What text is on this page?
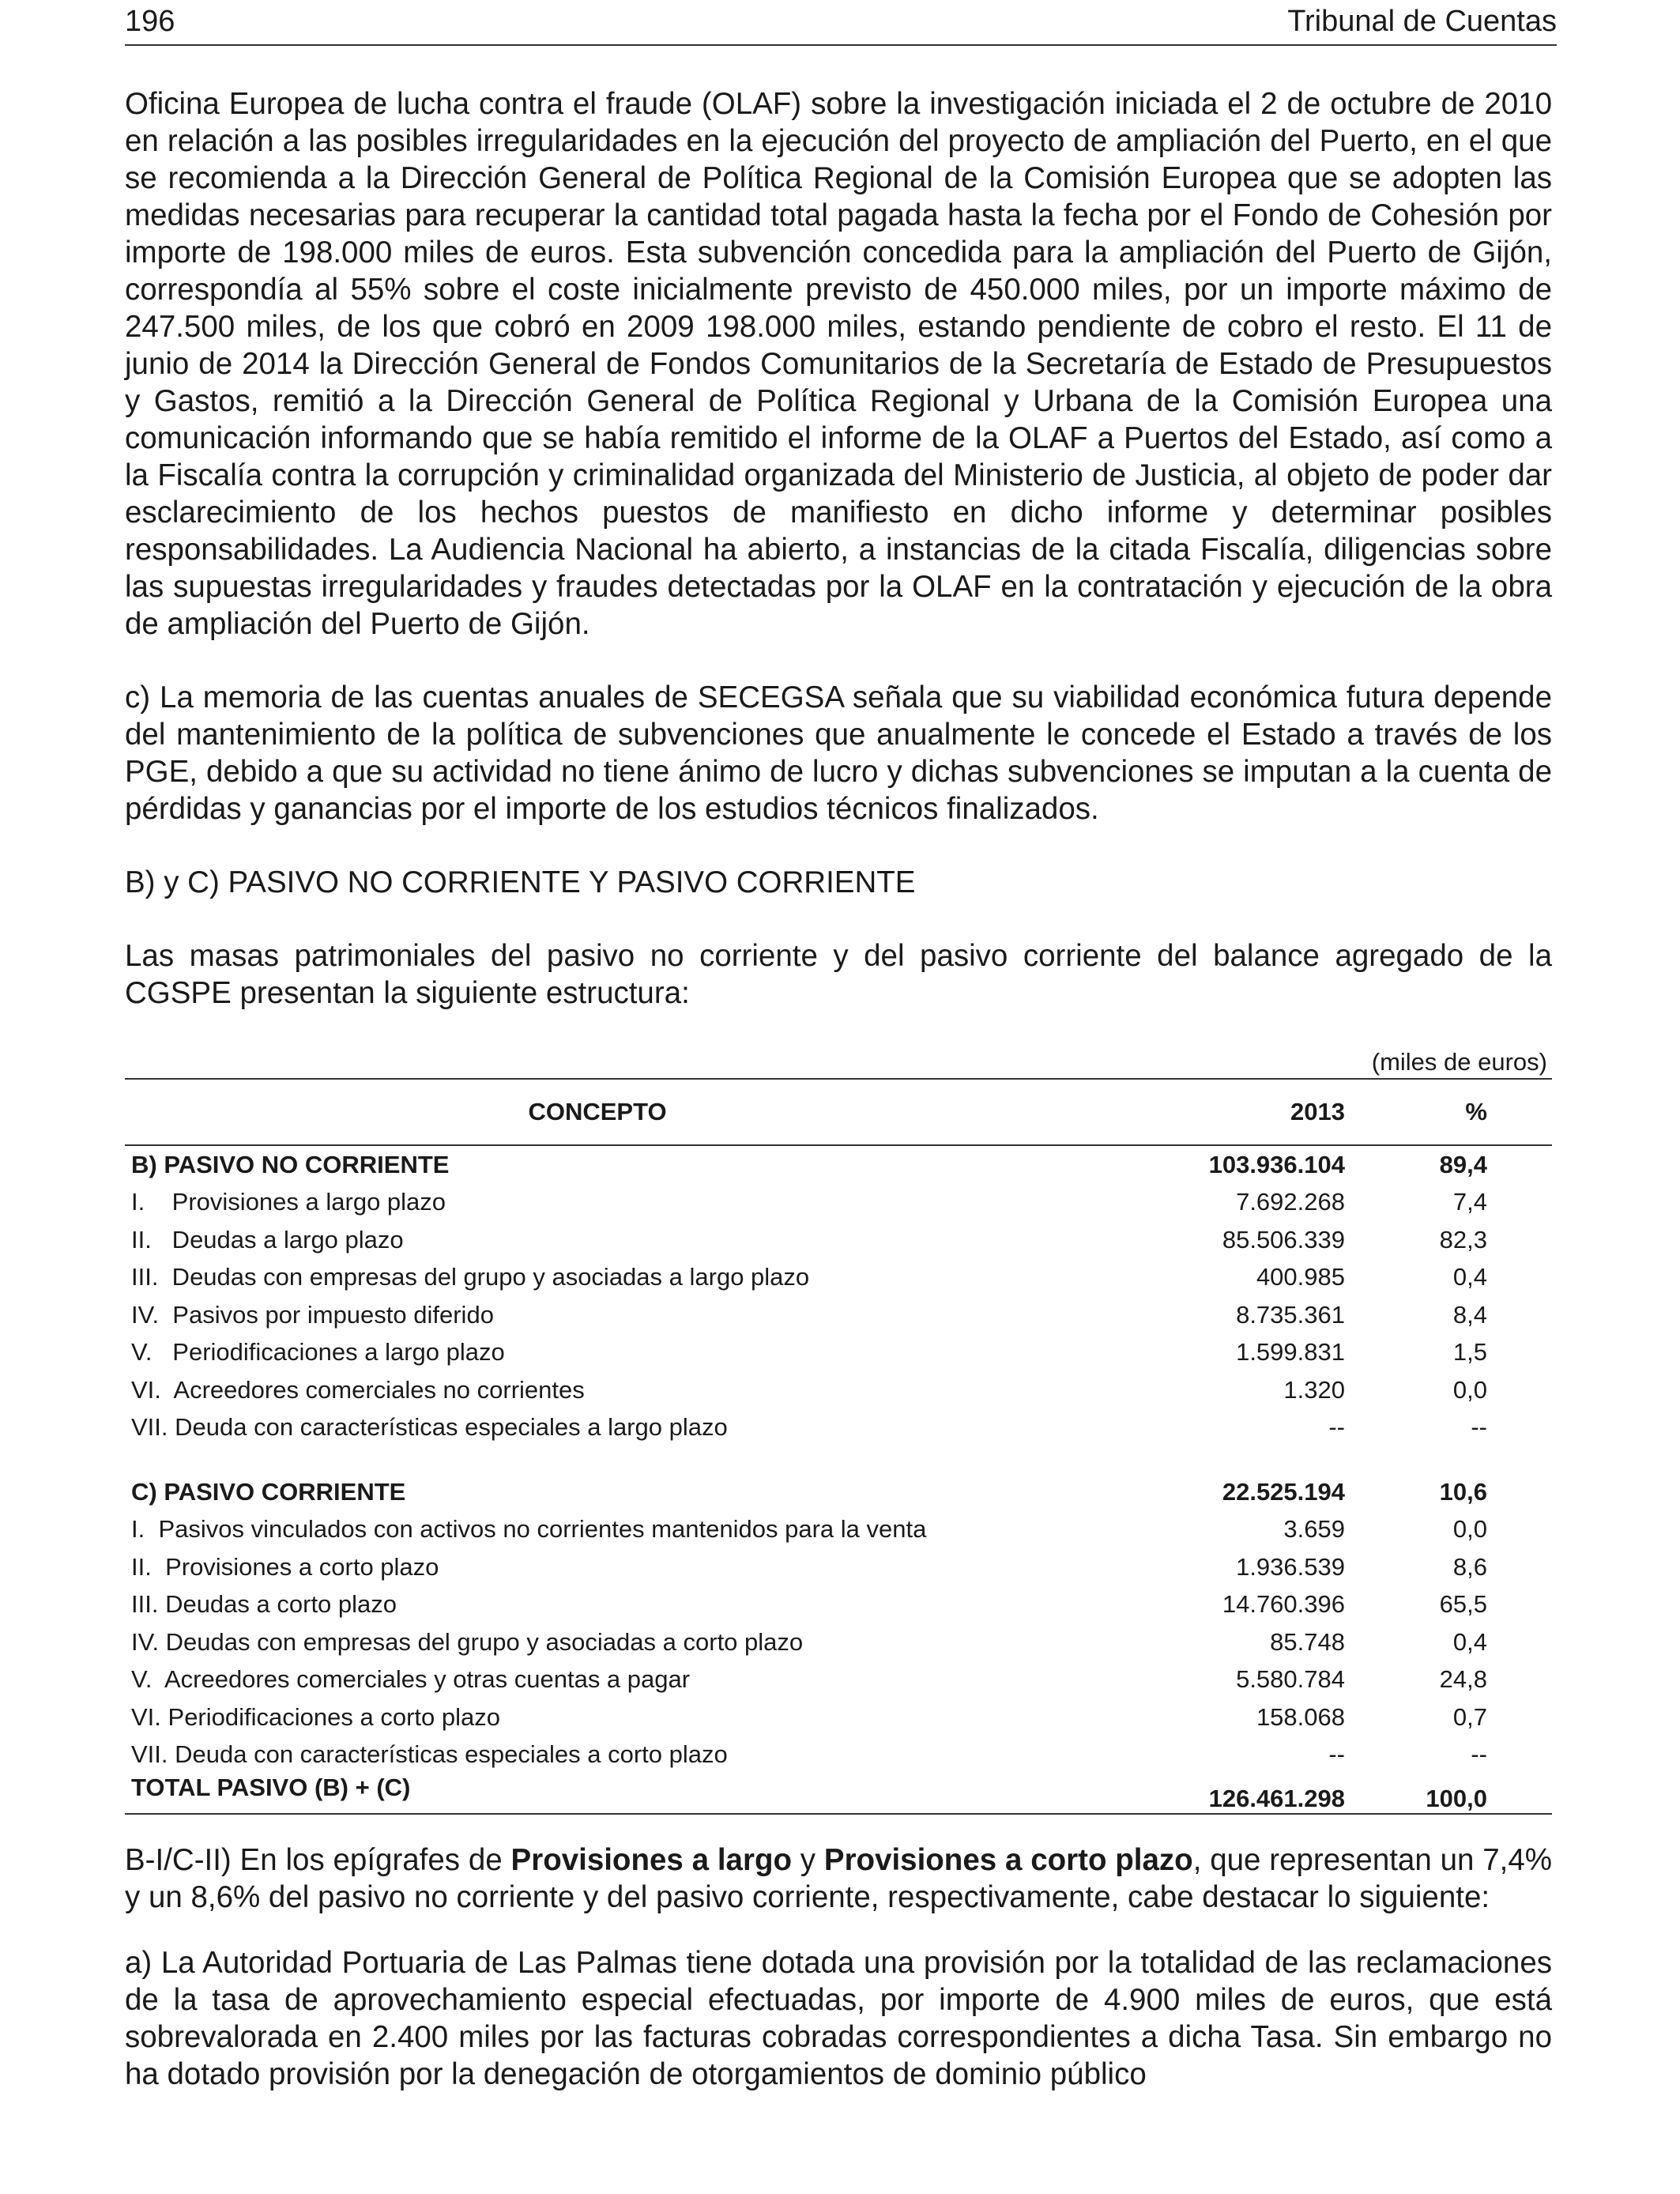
196	Tribunal de Cuentas

Oficina Europea de lucha contra el fraude (OLAF) sobre la investigación iniciada el 2 de octubre de 2010 en relación a las posibles irregularidades en la ejecución del proyecto de ampliación del Puerto, en el que se recomienda a la Dirección General de Política Regional de la Comisión Europea que se adopten las medidas necesarias para recuperar la cantidad total pagada hasta la fecha por el Fondo de Cohesión por importe de 198.000 miles de euros. Esta subvención concedida para la ampliación del Puerto de Gijón, correspondía al 55% sobre el coste inicialmente previsto de 450.000 miles, por un importe máximo de 247.500 miles, de los que cobró en 2009 198.000 miles, estando pendiente de cobro el resto. El 11 de junio de 2014 la Dirección General de Fondos Comunitarios de la Secretaría de Estado de Presupuestos y Gastos, remitió a la Dirección General de Política Regional y Urbana de la Comisión Europea una comunicación informando que se había remitido el informe de la OLAF a Puertos del Estado, así como a la Fiscalía contra la corrupción y criminalidad organizada del Ministerio de Justicia, al objeto de poder dar esclarecimiento de los hechos puestos de manifiesto en dicho informe y determinar posibles responsabilidades. La Audiencia Nacional ha abierto, a instancias de la citada Fiscalía, diligencias sobre las supuestas irregularidades y fraudes detectadas por la OLAF en la contratación y ejecución de la obra de ampliación del Puerto de Gijón.

c) La memoria de las cuentas anuales de SECEGSA señala que su viabilidad económica futura depende del mantenimiento de la política de subvenciones que anualmente le concede el Estado a través de los PGE, debido a que su actividad no tiene ánimo de lucro y dichas subvenciones se imputan a la cuenta de pérdidas y ganancias por el importe de los estudios técnicos finalizados.

B) y C) PASIVO NO CORRIENTE Y PASIVO CORRIENTE

Las masas patrimoniales del pasivo no corriente y del pasivo corriente del balance agregado de la CGSPE presentan la siguiente estructura:

(miles de euros)
CONCEPTO	2013	%
B) PASIVO NO CORRIENTE	103.936.104	89,4
I.    Provisiones a largo plazo	7.692.268	7,4
II.   Deudas a largo plazo	85.506.339	82,3
III.  Deudas con empresas del grupo y asociadas a largo plazo	400.985	0,4
IV.  Pasivos por impuesto diferido	8.735.361	8,4
V.   Periodificaciones a largo plazo	1.599.831	1,5
VI.  Acreedores comerciales no corrientes	1.320	0,0
VII. Deuda con características especiales a largo plazo	--	--

C) PASIVO CORRIENTE	22.525.194	10,6
I.  Pasivos vinculados con activos no corrientes mantenidos para la venta	3.659	0,0
II.  Provisiones a corto plazo	1.936.539	8,6
III. Deudas a corto plazo	14.760.396	65,5
IV. Deudas con empresas del grupo y asociadas a corto plazo	85.748	0,4
V.  Acreedores comerciales y otras cuentas a pagar	5.580.784	24,8
VI. Periodificaciones a corto plazo	158.068	0,7
VII. Deuda con características especiales a corto plazo	--	--
TOTAL PASIVO (B) + (C)	126.461.298	100,0

B-I/C-II) En los epígrafes de Provisiones a largo y Provisiones a corto plazo, que representan un 7,4% y un 8,6% del pasivo no corriente y del pasivo corriente, respectivamente, cabe destacar lo siguiente:

a) La Autoridad Portuaria de Las Palmas tiene dotada una provisión por la totalidad de las reclamaciones de la tasa de aprovechamiento especial efectuadas, por importe de 4.900 miles de euros, que está sobrevalorada en 2.400 miles por las facturas cobradas correspondientes a dicha Tasa. Sin embargo no ha dotado provisión por la denegación de otorgamientos de dominio público
